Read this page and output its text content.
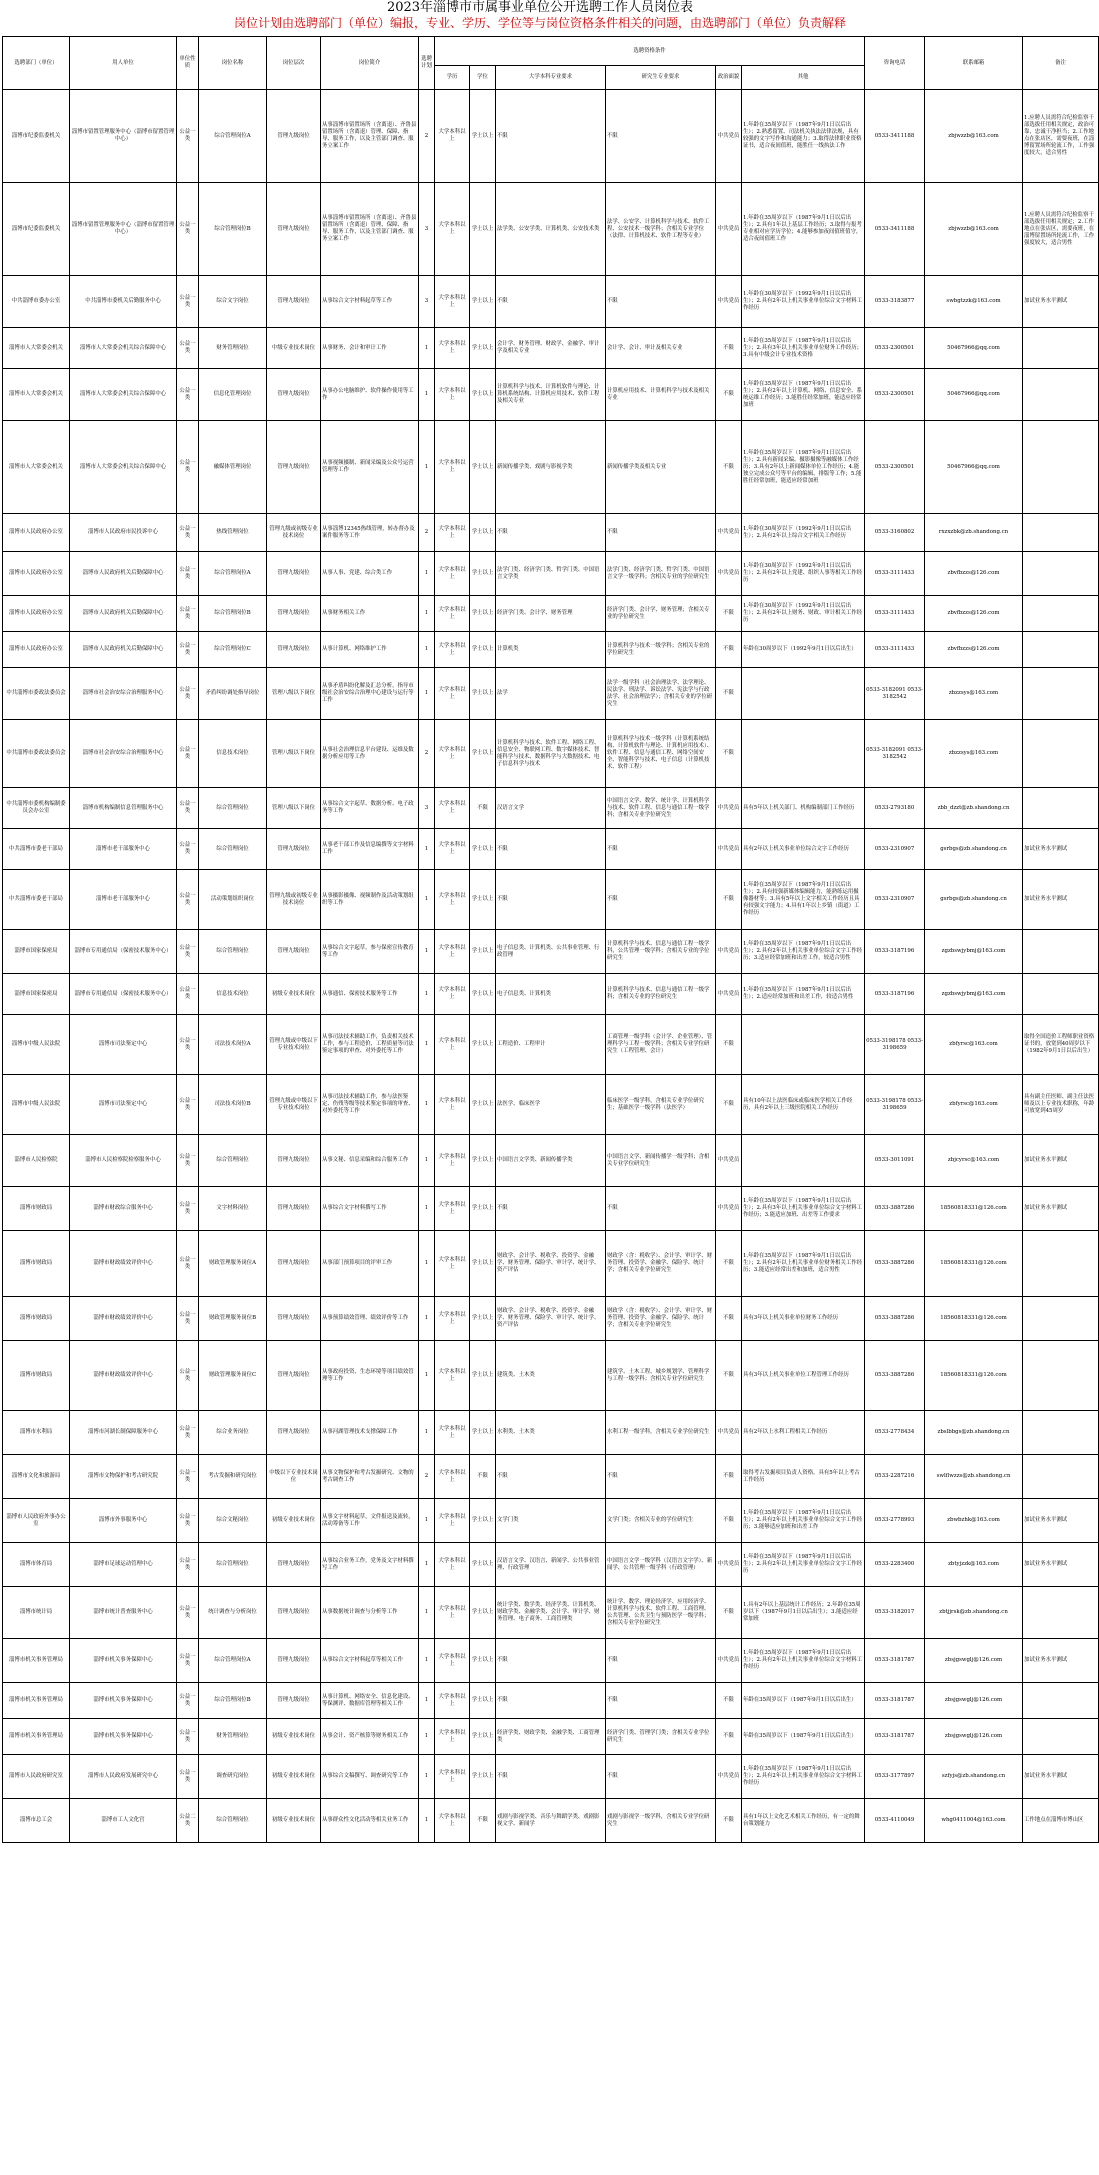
2023年淄博市市属事业单位公开选聘工作人员岗位表
岗位计划由选聘部门（单位）编报，专业、学历、学位等与岗位资格条件相关的问题，由选聘部门（单位）负责解释
选聘部门（单位）	用人单位	单位性质	岗位名称	岗位层次	岗位简介	选聘计划	选聘资格条件						咨询电话	联系邮箱	备注
							学历	学位	大学本科专业要求	研究生专业要求	政治面貌	其他			
淄博市纪委监委机关	淄博市留置管理服务中心（淄博市留置管理中心）	公益一类	综合管理岗位A	管理九级岗位	从事淄博市留置场所（含离退）、齐鲁县留置场所（含离退）管理、保障、指导、服务工作，以及主管部门调查、服务立案工作	2	大学本科以上	学士以上	不限	不限	中共党员	1.年龄在35周岁以下（1987年9月1日以后出生）；2.熟悉留置、司法机关执法法律法规，具有较强的文字写作和沟通能力；3.取得法律职业资格证书，适合夜间值班，能胜任一线执法工作	0533-3411188	zbjwzzb@163.com	1.应聘人员需符合纪检监察干部选拔任用相关规定，政治可靠，忠诚干净担当；2.工作地点在张店区，需要夜班，在淄博留置场所轮流工作，工作强度较大，适合男性
淄博市纪委监委机关	淄博市留置管理服务中心（淄博市留置管理中心）	公益一类	综合管理岗位B	管理九级岗位	从事淄博市留置场所（含离退）、齐鲁县留置场所（含离退）管理、保障、指导、服务工作，以及主管部门调查、服务立案工作	3	大学本科以上	学士以上	法学类、公安学类、计算机类、公安技术类	法学、公安学、计算机科学与技术、软件工程、公安技术一级学科；含相关专业学位（法律、计算机技术、软件工程等专业）	中共党员	1.年龄在35周岁以下（1987年9月1日以后出生）；2.具有1年以上基层工作经历；3.取得与报考专业相对应学历学位；4.能够参加夜间值班值守，适合夜间值班工作	0533-3411188	zbjwzzb@163.com	1.应聘人员需符合纪检监察干部选拔任用相关规定；2.工作地点在张店区，需要夜班，在淄博留置场所轮流工作，工作强度较大，适合男性
中共淄博市委办公室	中共淄博市委机关后勤服务中心	公益一类	综合文字岗位	管理九级岗位	从事综合文字材料起草等工作	3	大学本科以上	学士以上	不限	不限	中共党员	1.年龄在30周岁以下（1992年9月1日以后出生）；2.具有2年以上机关事业单位综合文字材料工作经历	0533-3183877	swbgtzzk@163.com	加试业务水平测试
淄博市人大常委会机关	淄博市人大常委会机关综合保障中心	公益一类	财务管理岗位	中级专业技术岗位	从事财务、会计和审计工作	1	大学本科以上	学士以上	会计学、财务管理、财政学、金融学、审计学及相关专业	会计学、会计、审计及相关专业	不限	1.年龄在35周岁以下（1987年9月1日以后出生）；2.具有3年以上机关事业单位财务工作经历；3.具有中级会计专业技术资格	0533-2300501	50467966@qq.com	
淄博市人大常委会机关	淄博市人大常委会机关综合保障中心	公益一类	信息化管理岗位	管理九级岗位	从事办公电脑维护、软件操作使用等工作	1	大学本科以上	学士以上	计算机科学与技术、计算机软件与理论、计算机系统结构、计算机应用技术、软件工程及相关专业	计算机应用技术、计算机科学与技术及相关专业	不限	1.年龄在35周岁以下（1987年9月1日以后出生）；2.具有2年以上计算机、网络、信息安全、系统运维工作经历；3.能胜任经常加班，能适应经常加班	0533-2300501	50467966@qq.com	
淄博市人大常委会机关	淄博市人大常委会机关综合保障中心	公益一类	融媒体管理岗位	管理九级岗位	从事视频摄制、新闻采编及公众号运营管理等工作	1	大学本科以上	学士以上	新闻传播学类、戏剧与影视学类	新闻传播学类及相关专业	不限	1.年龄在35周岁以下（1987年9月1日以后出生）；2.具有新闻采编、摄影摄像等融媒体工作经历；3.具有2年以上新闻媒体单位工作经历；4.能独立完成公众号等平台的编辑、排版等工作；5.能胜任经常加班，能适应经常加班	0533-2300501	50467966@qq.com	
淄博市人民政府办公室	淄博市人民政府市民投诉中心	公益一类	热线管理岗位	管理九级或初级专业技术岗位	从事淄博12345热线管理，转办督办及案件服务等工作	2	大学本科以上	学士以上	不限	不限	中共党员	1.年龄在30周岁以下（1992年9月1日以后出生）；2.具有2年以上综合文字相关工作经历	0533-3160802	rxzxzbk@zb.shandong.cn	
淄博市人民政府办公室	淄博市人民政府机关后勤保障中心	公益一类	综合管理岗位A	管理九级岗位	从事人事、党建、综合类工作	1	大学本科以上	学士以上	法学门类、经济学门类、哲学门类、中国语言文学类	法学门类、经济学门类、哲学门类、中国语言文学一级学科；含相关专业的学位研究生	中共党员	1.年龄在30周岁以下（1992年9月1日以后出生）；2.具有2年以上党建、组织人事等相关工作经历	0533-3111433	zbvfbzzs@126.com	
淄博市人民政府办公室	淄博市人民政府机关后勤保障中心	公益一类	综合管理岗位B	管理九级岗位	从事财务相关工作	1	大学本科以上	学士以上	经济学门类、会计学、财务管理	经济学门类、会计学、财务管理；含相关专业的学位研究生	不限	1.年龄在30周岁以下（1992年9月1日以后出生）；2.具有2年以上财务、财政、审计相关工作经历	0533-3111433	zbvfbzzs@126.com	
淄博市人民政府办公室	淄博市人民政府机关后勤保障中心	公益一类	综合管理岗位C	管理九级岗位	从事计算机、网络维护工作	1	大学本科以上	学士以上	计算机类	计算机科学与技术一级学科；含相关专业的学位研究生	不限	年龄在30周岁以下（1992年9月1日以后出生）	0533-3111433	zbvfbzzs@126.com	
中共淄博市委政法委员会	淄博市社会治安综合治理服务中心	公益一类	矛盾纠纷调处指导岗位	管理八级以下岗位	从事矛盾纠纷化解及汇总分析，指导市级社会治安综合治理中心建设与运行等工作	1	大学本科以上	学士以上	法学	法学一级学科（社会治理法学、法学理论、民法学、刑法学、诉讼法学、宪法学与行政法学、社会治理法学）；含相关专业的学位研究生	不限		0533-3182091 0533-3182542	zbzzsys@163.com	
中共淄博市委政法委员会	淄博市社会治安综合治理服务中心	公益一类	信息技术岗位	管理八级以下岗位	从事社会治理信息平台建设、运维及数据分析应用等工作	2	大学本科以上	学士以上	计算机科学与技术、软件工程、网络工程、信息安全、物联网工程、数字媒体技术、智能科学与技术、数据科学与大数据技术、电子信息科学与技术	计算机科学与技术一级学科（计算机系统结构、计算机软件与理论、计算机应用技术）、软件工程、信息与通信工程、网络空间安全、智能科学与技术、电子信息（计算机技术、软件工程）	不限		0533-3182091 0533-3182542	zbzzsys@163.com	
中共淄博市委机构编制委员会办公室	淄博市机构编制信息管理服务中心	公益一类	综合管理岗位	管理八级以下岗位	从事综合文字起草、数据分析、电子政务等工作	3	大学本科以上	不限	汉语言文学	中国语言文学、数学、统计学、计算机科学与技术、软件工程、信息与通信工程一级学科；含相关专业学位研究生	中共党员	具有5年以上机关部门、机构编制部门工作经历	0533-2793180	zbb_dzzt@zb.shandong.cn	
中共淄博市委老干部局	淄博市老干部服务中心	公益一类	综合管理岗位	管理九级岗位	从事老干部工作及信息编撰等文字材料工作	1	大学本科以上	学士以上	不限	不限	中共党员	具有2年以上机关事业单位综合文字工作经历	0533-2310907	gsrbgs@zb.shandong.cn	加试业务水平测试
中共淄博市委老干部局	淄博市老干部服务中心	公益一类	活动策划组织岗位	管理九级或初级专业技术岗位	从事摄影摄像、视频制作及活动策划组织等工作	1	大学本科以上	学士以上	不限	不限	不限	1.年龄在35周岁以下（1987年9月1日以后出生）；2.具有较强新媒体编辑能力，能熟练运用摄像器材等；3.具有5年以上文字相关工作经历且具有较强文字能力；4.具有1年以上乡镇（街道）工作经历	0533-2310907	gsrbgs@zb.shandong.cn	加试业务水平测试
淄博市国家保密局	淄博市专用通信局（保密技术服务中心）	公益一类	综合管理岗位	管理九级岗位	从事综合文字起草，参与保密宣传教育等工作	1	大学本科以上	学士以上	电子信息类、计算机类、公共事业管理、行政管理	计算机科学与技术、信息与通信工程一级学科，公共管理一级学科；含相关专业的学位研究生	中共党员	1.年龄在35周岁以下（1987年9月1日以后出生）；2.具有2年以上机关事业单位综合文字工作经历；3.适应经常加班和出差工作，较适合男性	0533-3187196	zgzbswjybmj@163.com	
淄博市国家保密局	淄博市专用通信局（保密技术服务中心）	公益一类	信息技术岗位	初级专业技术岗位	从事通信、保密技术服务等工作	1	大学本科以上	学士以上	电子信息类、计算机类	计算机科学与技术、信息与通信工程一级学科；含相关专业的学位研究生	中共党员	1.年龄在35周岁以下（1987年9月1日以后出生）；2.适应经常加班和出差工作，较适合男性	0533-3187196	zgzbswjybmj@163.com	
淄博市中级人民法院	淄博市司法鉴定中心	公益一类	司法技术岗位A	管理九级或中级以下专业技术岗位	从事司法技术辅助工作，负责相关技术工作，参与工程造价、工程质量等司法鉴定事项的审查、对外委托等工作	1	大学本科以上	学士以上	工程造价、工程审计	工商管理一级学科（会计学、企业管理）、管理科学与工程一级学科；含相关专业学位研究生（工程管理、会计）	不限		0533-3198178 0533-3198659	zbfyrsc@163.com	取得全国造价工程师职业资格证书的，放宽到40周岁以下（1982年9月1日以后出生）
淄博市中级人民法院	淄博市司法鉴定中心	公益一类	司法技术岗位B	管理九级或中级以下专业技术岗位	从事司法技术辅助工作，参与法医鉴定、伤残等级等技术鉴定事项的审查、对外委托等工作	1	大学本科以上	学士以上	法医学、临床医学	临床医学一级学科，含相关专业学位研究生；基础医学一级学科（法医学）	不限	具有10年以上法医临床或临床医学相关工作经历，具有2年以上三级医院相关工作经历	0533-3198178 0533-3198659	zbfyrsc@163.com	具有副主任医师、副主任法医师及以上专业技术职称，年龄可放宽到45周岁
淄博市人民检察院	淄博市人民检察院检察服务中心	公益一类	综合管理岗位	管理九级岗位	从事文秘、信息采编和综合服务工作	1	大学本科以上	学士以上	中国语言文学类、新闻传播学类	中国语言文学、新闻传播学一级学科；含相关专业学位研究生	中共党员		0533-3011091	zbjcyrsc@163.com	加试业务水平测试
淄博市财政局	淄博市财政综合服务中心	公益一类	文字材料岗位	管理九级岗位	从事综合文字材料撰写工作	1	大学本科以上	学士以上	不限	不限	中共党员	1.年龄在35周岁以下（1987年9月1日以后出生）；2.具有3年以上机关事业单位综合文字材料工作经历；3.能适应加班、出差等工作要求	0533-3887286	18560818331@126.com	加试业务水平测试
淄博市财政局	淄博市财政绩效评价中心	公益一类	财政管理服务岗位A	管理九级岗位	从事部门预算项目的评审工作	1	大学本科以上	学士以上	财政学、会计学、税收学、投资学、金融学、财务管理、保险学、审计学、统计学、资产评估	财政学（含：税收学）、会计学、审计学、财务管理、投资学、金融学、保险学、统计学；含相关专业学位研究生	不限	1.年龄在35周岁以下（1987年9月1日以后出生）；2.具有2年以上机关事业单位财务相关工作经历；3.能适应经常出差和加班，适合男性	0533-3887286	18560818331@126.com	
淄博市财政局	淄博市财政绩效评价中心	公益一类	财政管理服务岗位B	管理九级岗位	从事预算绩效管理、绩效评价等工作	1	大学本科以上	学士以上	财政学、会计学、税收学、投资学、金融学、财务管理、保险学、审计学、统计学、资产评估	财政学（含：税收学）、会计学、审计学、财务管理、投资学、金融学、保险学、统计学；含相关专业学位研究生	不限	具有3年以上机关事业单位财务工作经历	0533-3887286	18560818331@126.com	
淄博市财政局	淄博市财政绩效评价中心	公益一类	财政管理服务岗位C	管理九级岗位	从事政府投资、生态环境等项目绩效管理等工作	1	大学本科以上	学士以上	建筑类、土木类	建筑学、土木工程、城乡规划学、管理科学与工程一级学科；含相关专业学位研究生	不限	具有3年以上机关事业单位工程管理工作经历	0533-3887286	18560818331@126.com	
淄博市水利局	淄博市河湖长制保障服务中心	公益一类	综合业务岗位	管理九级岗位	从事河湖管理技术支撑保障工作	1	大学本科以上	学士以上	水利类、土木类	水利工程一级学科，含相关专业学位研究生	中共党员	具有2年以上水利工程相关工作经历	0533-2778434	zbslbbgs@zb.shandong.cn	
淄博市文化和旅游局	淄博市文物保护和考古研究院	公益一类	考古发掘和研究岗位	中级以下专业技术岗位	从事文物保护和考古发掘研究、文物的考古调查工作	2	大学本科以上	不限	不限	不限	不限	取得考古发掘项目负责人资格，具有5年以上考古工作经历	0533-2287216	swlflwzzs@zb.shandong.cn	
淄博市人民政府外事办公室	淄博市外事服务中心	公益一类	综合文秘岗位	初级专业技术岗位	从事文字材料起草，文件报送及流转，活动筹备等工作	1	大学本科以上	学士以上	文学门类	文学门类；含相关专业的学位研究生	不限	1.年龄在35周岁以下（1987年9月1日以后出生）；2.具有2年以上机关事业单位综合文字工作经历；3.能够适应加班和出差工作	0533-2778993	zbwbzhk@163.com	加试业务水平测试
淄博市体育局	淄博市足球运动管理中心	公益一类	综合管理岗位	管理九级岗位	从事综合业务工作，党务及文字材料撰写工作	1	大学本科以上	学士以上	汉语言文学、汉语言、新闻学、公共事业管理、行政管理	中国语言文学一级学科（汉语言文字学）、新闻学、公共管理一级学科（行政管理）	中共党员	1.年龄在35周岁以下（1987年9月1日以后出生）；2.具有2年以上机关事业单位综合文字工作经历	0533-2283400	zbtyjzzk@163.com	加试业务水平测试
淄博市统计局	淄博市统计普查服务中心	公益一类	统计调查与分析岗位	管理九级岗位	从事数据统计调查与分析等工作	1	大学本科以上	学士以上	统计学类、数学类、经济学类、计算机类、财政学类、金融学类、会计学、审计学、财务管理、电子商务、工商管理类	统计学、数学、理论经济学、应用经济学、计算机科学与技术、软件工程、工商管理、公共管理、公共卫生与预防医学一级学科；含相关专业学位研究生	不限	1.具有2年以上基层统计工作经历；2.年龄在35周岁以下（1987年9月1日以后出生）；3.能适应经常加班	0533-3182017	zbtjjrsk@zb.shandong.cn	
淄博市机关事务管理局	淄博市机关事务保障中心	公益一类	综合管理岗位A	管理九级岗位	从事综合文字材料起草等相关工作	1	大学本科以上	学士以上	不限	不限	中共党员	1.年龄在35周岁以下（1987年9月1日以后出生）；2.具有2年以上机关事业单位综合文字材料工作经历	0533-3181787	zbsjgswglj@126.com	加试业务水平测试
淄博市机关事务管理局	淄博市机关事务保障中心	公益一类	综合管理岗位B	管理九级岗位	从事计算机、网络安全、信息化建设、等保测评、数据库管理等相关工作	1	大学本科以上	学士以上	不限	不限	不限	年龄在35周岁以下（1987年9月1日以后出生）	0533-3181787	zbsjgswglj@126.com	
淄博市机关事务管理局	淄博市机关事务保障中心	公益一类	财务管理岗位	初级专业技术岗位	从事会计、资产核算等财务相关工作	1	大学本科以上	学士以上	经济学类、财政学类、金融学类、工商管理类	经济学门类、管理学门类；含相关专业学位研究生	不限	年龄在35周岁以下（1987年9月1日以后出生）	0533-3181787	zbsjgswglj@126.com	
淄博市人民政府研究室	淄博市人民政府发展研究中心	公益一类	调查研究岗位	初级专业技术岗位	从事综合文稿撰写、调查研究等工作	1	大学本科以上	学士以上	不限	不限	中共党员	1.年龄在35周岁以下（1987年9月1日以后出生）；2.具有2年以上机关事业单位综合文字材料工作经历	0533-3177897	szfyjs@zb.shandong.cn	加试业务水平测试
淄博市总工会	淄博市工人文化宫	公益二类	综合管理岗位	初级专业技术岗位	从事群众性文化活动等相关业务工作	1	大学本科以上	不限	戏剧与影视学类、音乐与舞蹈学类、戏剧影视文学、新闻学	戏剧与影视学一级学科，含相关专业学位研究生	不限	具有1年以上文化艺术相关工作经历，有一定的舞台策划能力	0533-4110049	whg0411004@163.com	工作地点在淄博市博山区
